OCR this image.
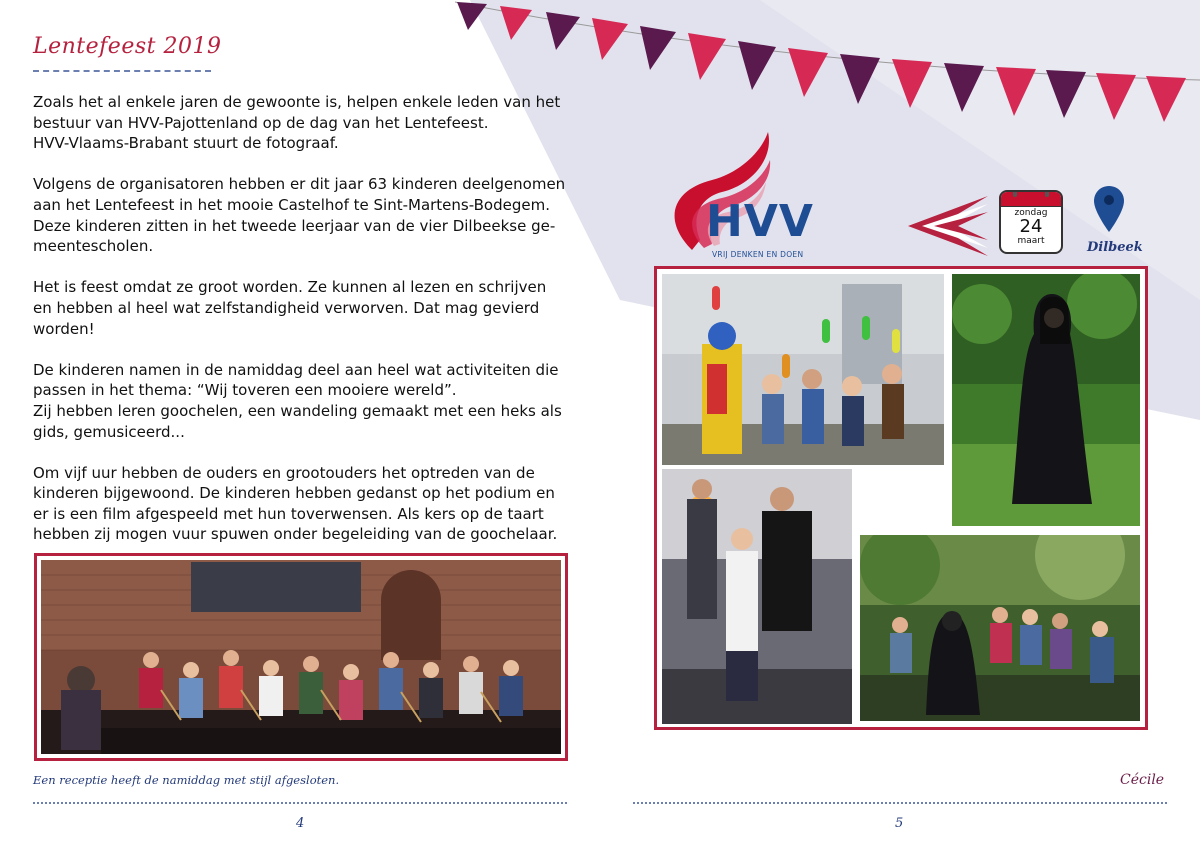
Lentefeest 2019

Zoals het al enkele jaren de gewoonte is, helpen enkele leden van het
bestuur van HVV-Pajottenland op de dag van het Lentefeest.
HVV-Vlaams-Brabant stuurt de fotograaf.

Volgens de organisatoren hebben er dit jaar 63 kinderen deelgenomen
aan het Lentefeest in het mooie Castelhof te Sint-Martens-Bodegem.
Deze kinderen zitten in het tweede leerjaar van de vier Dilbeekse ge-
meentescholen.

Het is feest omdat ze groot worden. Ze kunnen al lezen en schrijven
en hebben al heel wat zelfstandigheid verworven. Dat mag gevierd
worden!

De kinderen namen in de namiddag deel aan heel wat activiteiten die
passen in het thema: “Wij toveren een mooiere wereld”.
Zij hebben leren goochelen, een wandeling gemaakt met een heks als
gids, gemusiceerd...

Om vijf uur hebben de ouders en grootouders het optreden van de
kinderen bijgewoond. De kinderen hebben gedanst op het podium en
er is een film afgespeeld met hun toverwensen. Als kers op de taart
hebben zij mogen vuur spuwen onder begeleiding van de goochelaar.

Een receptie heeft de namiddag met stijl afgesloten.
4
HVV
VRIJ DENKEN EN DOEN
zondag
24
maart	Dilbeek
Cécile
5
